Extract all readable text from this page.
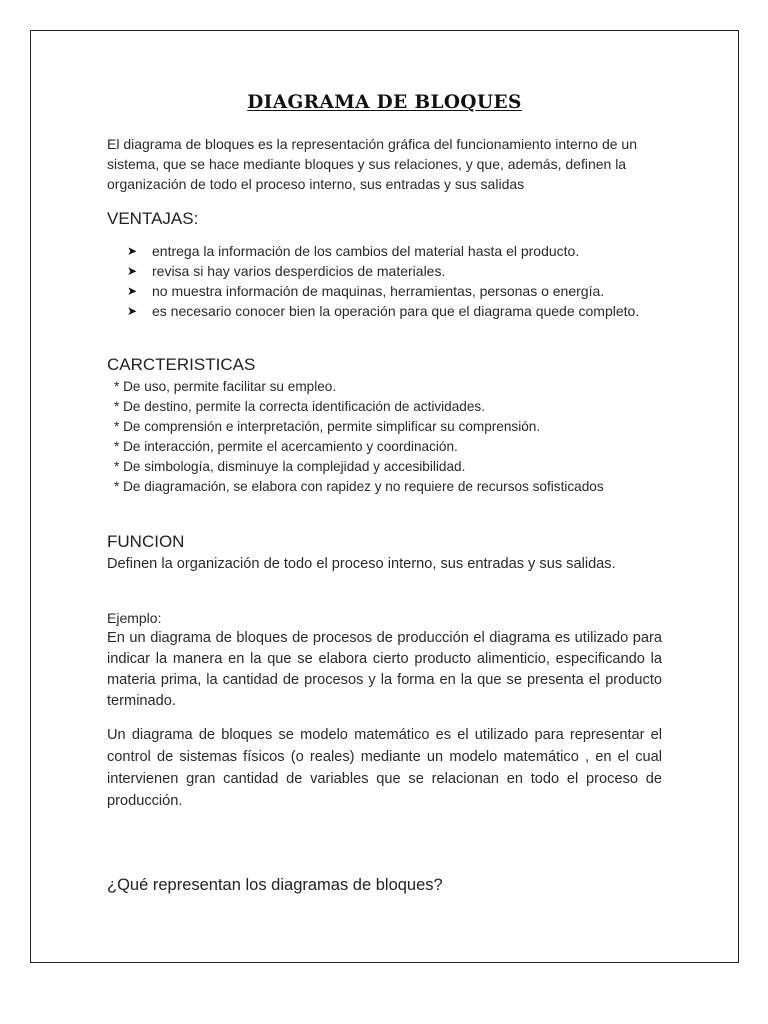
DIAGRAMA DE BLOQUES

El diagrama de bloques es la representación gráfica del funcionamiento interno de un sistema, que se hace mediante bloques y sus relaciones, y que, además, definen la organización de todo el proceso interno, sus entradas y sus salidas

VENTAJAS:
➤ entrega la información de los cambios del material hasta el producto.
➤ revisa si hay varios desperdicios de materiales.
➤ no muestra información de maquinas, herramientas, personas o energía.
➤ es necesario conocer bien la operación para que el diagrama quede completo.
CARCTERISTICAS
* De uso, permite facilitar su empleo.
* De destino, permite la correcta identificación de actividades.
* De comprensión e interpretación, permite simplificar su comprensión.
* De interacción, permite el acercamiento y coordinación.
* De simbología, disminuye la complejidad y accesibilidad.
* De diagramación, se elabora con rapidez y no requiere de recursos sofisticados
FUNCION

Definen la organización de todo el proceso interno, sus entradas y sus salidas.

Ejemplo:

En un diagrama de bloques de procesos de producción el diagrama es utilizado para indicar la manera en la que se elabora cierto producto alimenticio, especificando la materia prima, la cantidad de procesos y la forma en la que se presenta el producto terminado.

Un diagrama de bloques se modelo matemático es el utilizado para representar el control de sistemas físicos (o reales) mediante un modelo matemático , en el cual intervienen gran cantidad de variables que se relacionan en todo el proceso de producción.

¿Qué representan los diagramas de bloques?
